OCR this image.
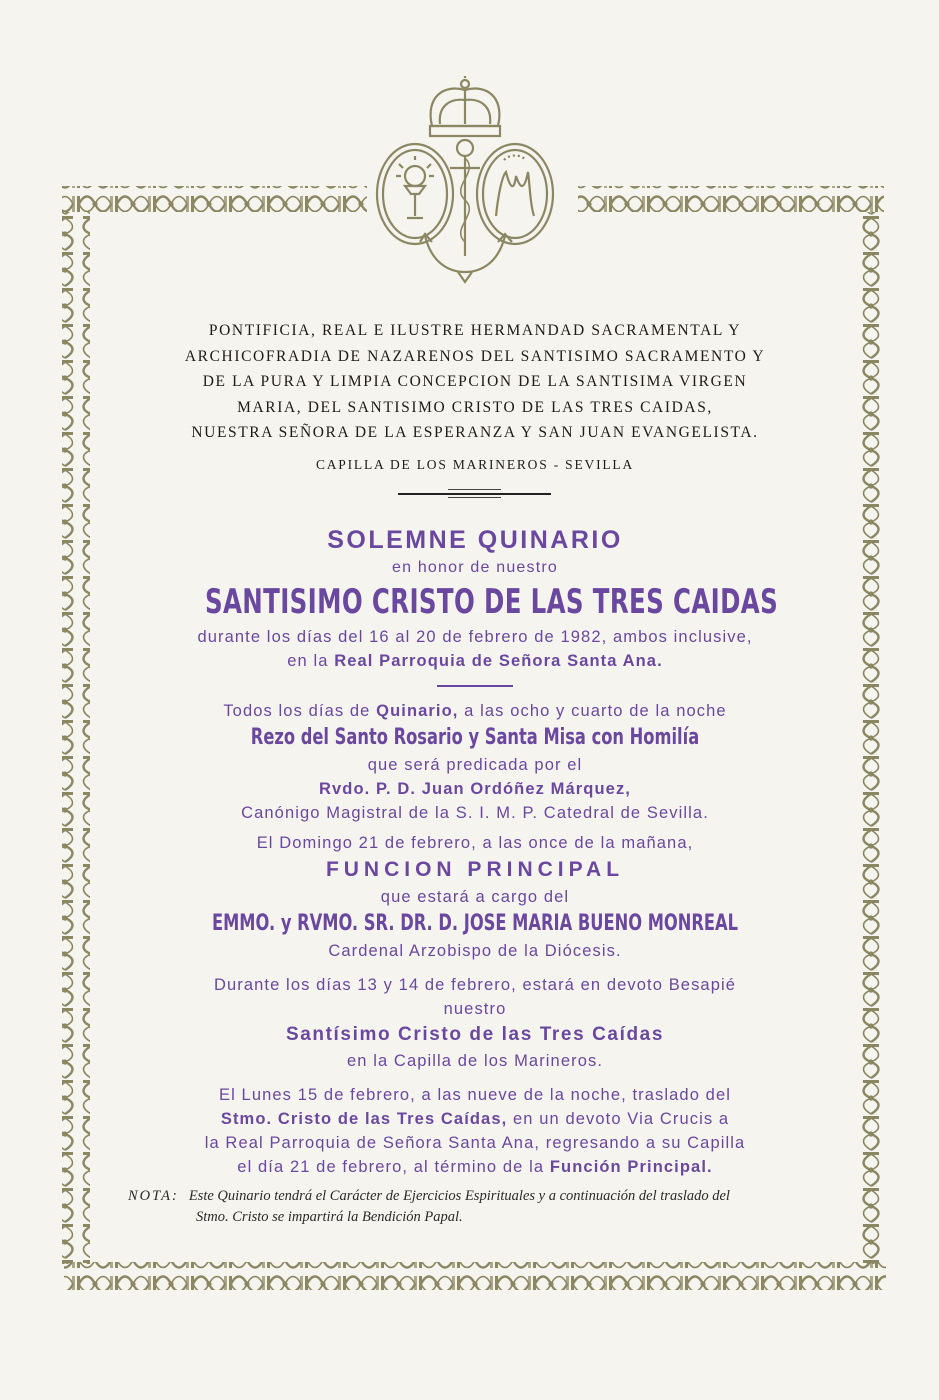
PONTIFICIA, REAL E ILUSTRE HERMANDAD SACRAMENTAL Y
ARCHICOFRADIA DE NAZARENOS DEL SANTISIMO SACRAMENTO Y
DE LA PURA Y LIMPIA CONCEPCION DE LA SANTISIMA VIRGEN
MARIA, DEL SANTISIMO CRISTO DE LAS TRES CAIDAS,
NUESTRA SEÑORA DE LA ESPERANZA Y SAN JUAN EVANGELISTA.
CAPILLA DE LOS MARINEROS - SEVILLA
SOLEMNE QUINARIO
en honor de nuestro
SANTISIMO CRISTO DE LAS TRES CAIDAS
durante los días del 16 al 20 de febrero de 1982, ambos inclusive,
en la Real Parroquia de Señora Santa Ana.
Todos los días de Quinario, a las ocho y cuarto de la noche
Rezo del Santo Rosario y Santa Misa con Homilía
que será predicada por el
Rvdo. P. D. Juan Ordóñez Márquez,
Canónigo Magistral de la S. I. M. P. Catedral de Sevilla.
El Domingo 21 de febrero, a las once de la mañana,
FUNCION PRINCIPAL
que estará a cargo del
EMMO. y RVMO. SR. DR. D. JOSE MARIA BUENO MONREAL
Cardenal Arzobispo de la Diócesis.
Durante los días 13 y 14 de febrero, estará en devoto Besapié
nuestro
Santísimo Cristo de las Tres Caídas
en la Capilla de los Marineros.
El Lunes 15 de febrero, a las nueve de la noche, traslado del
Stmo. Cristo de las Tres Caídas, en un devoto Via Crucis a
la Real Parroquia de Señora Santa Ana, regresando a su Capilla
el día 21 de febrero, al término de la Función Principal.
NOTA: Este Quinario tendrá el Carácter de Ejercicios Espirituales y a continuación del traslado del
Stmo. Cristo se impartirá la Bendición Papal.
